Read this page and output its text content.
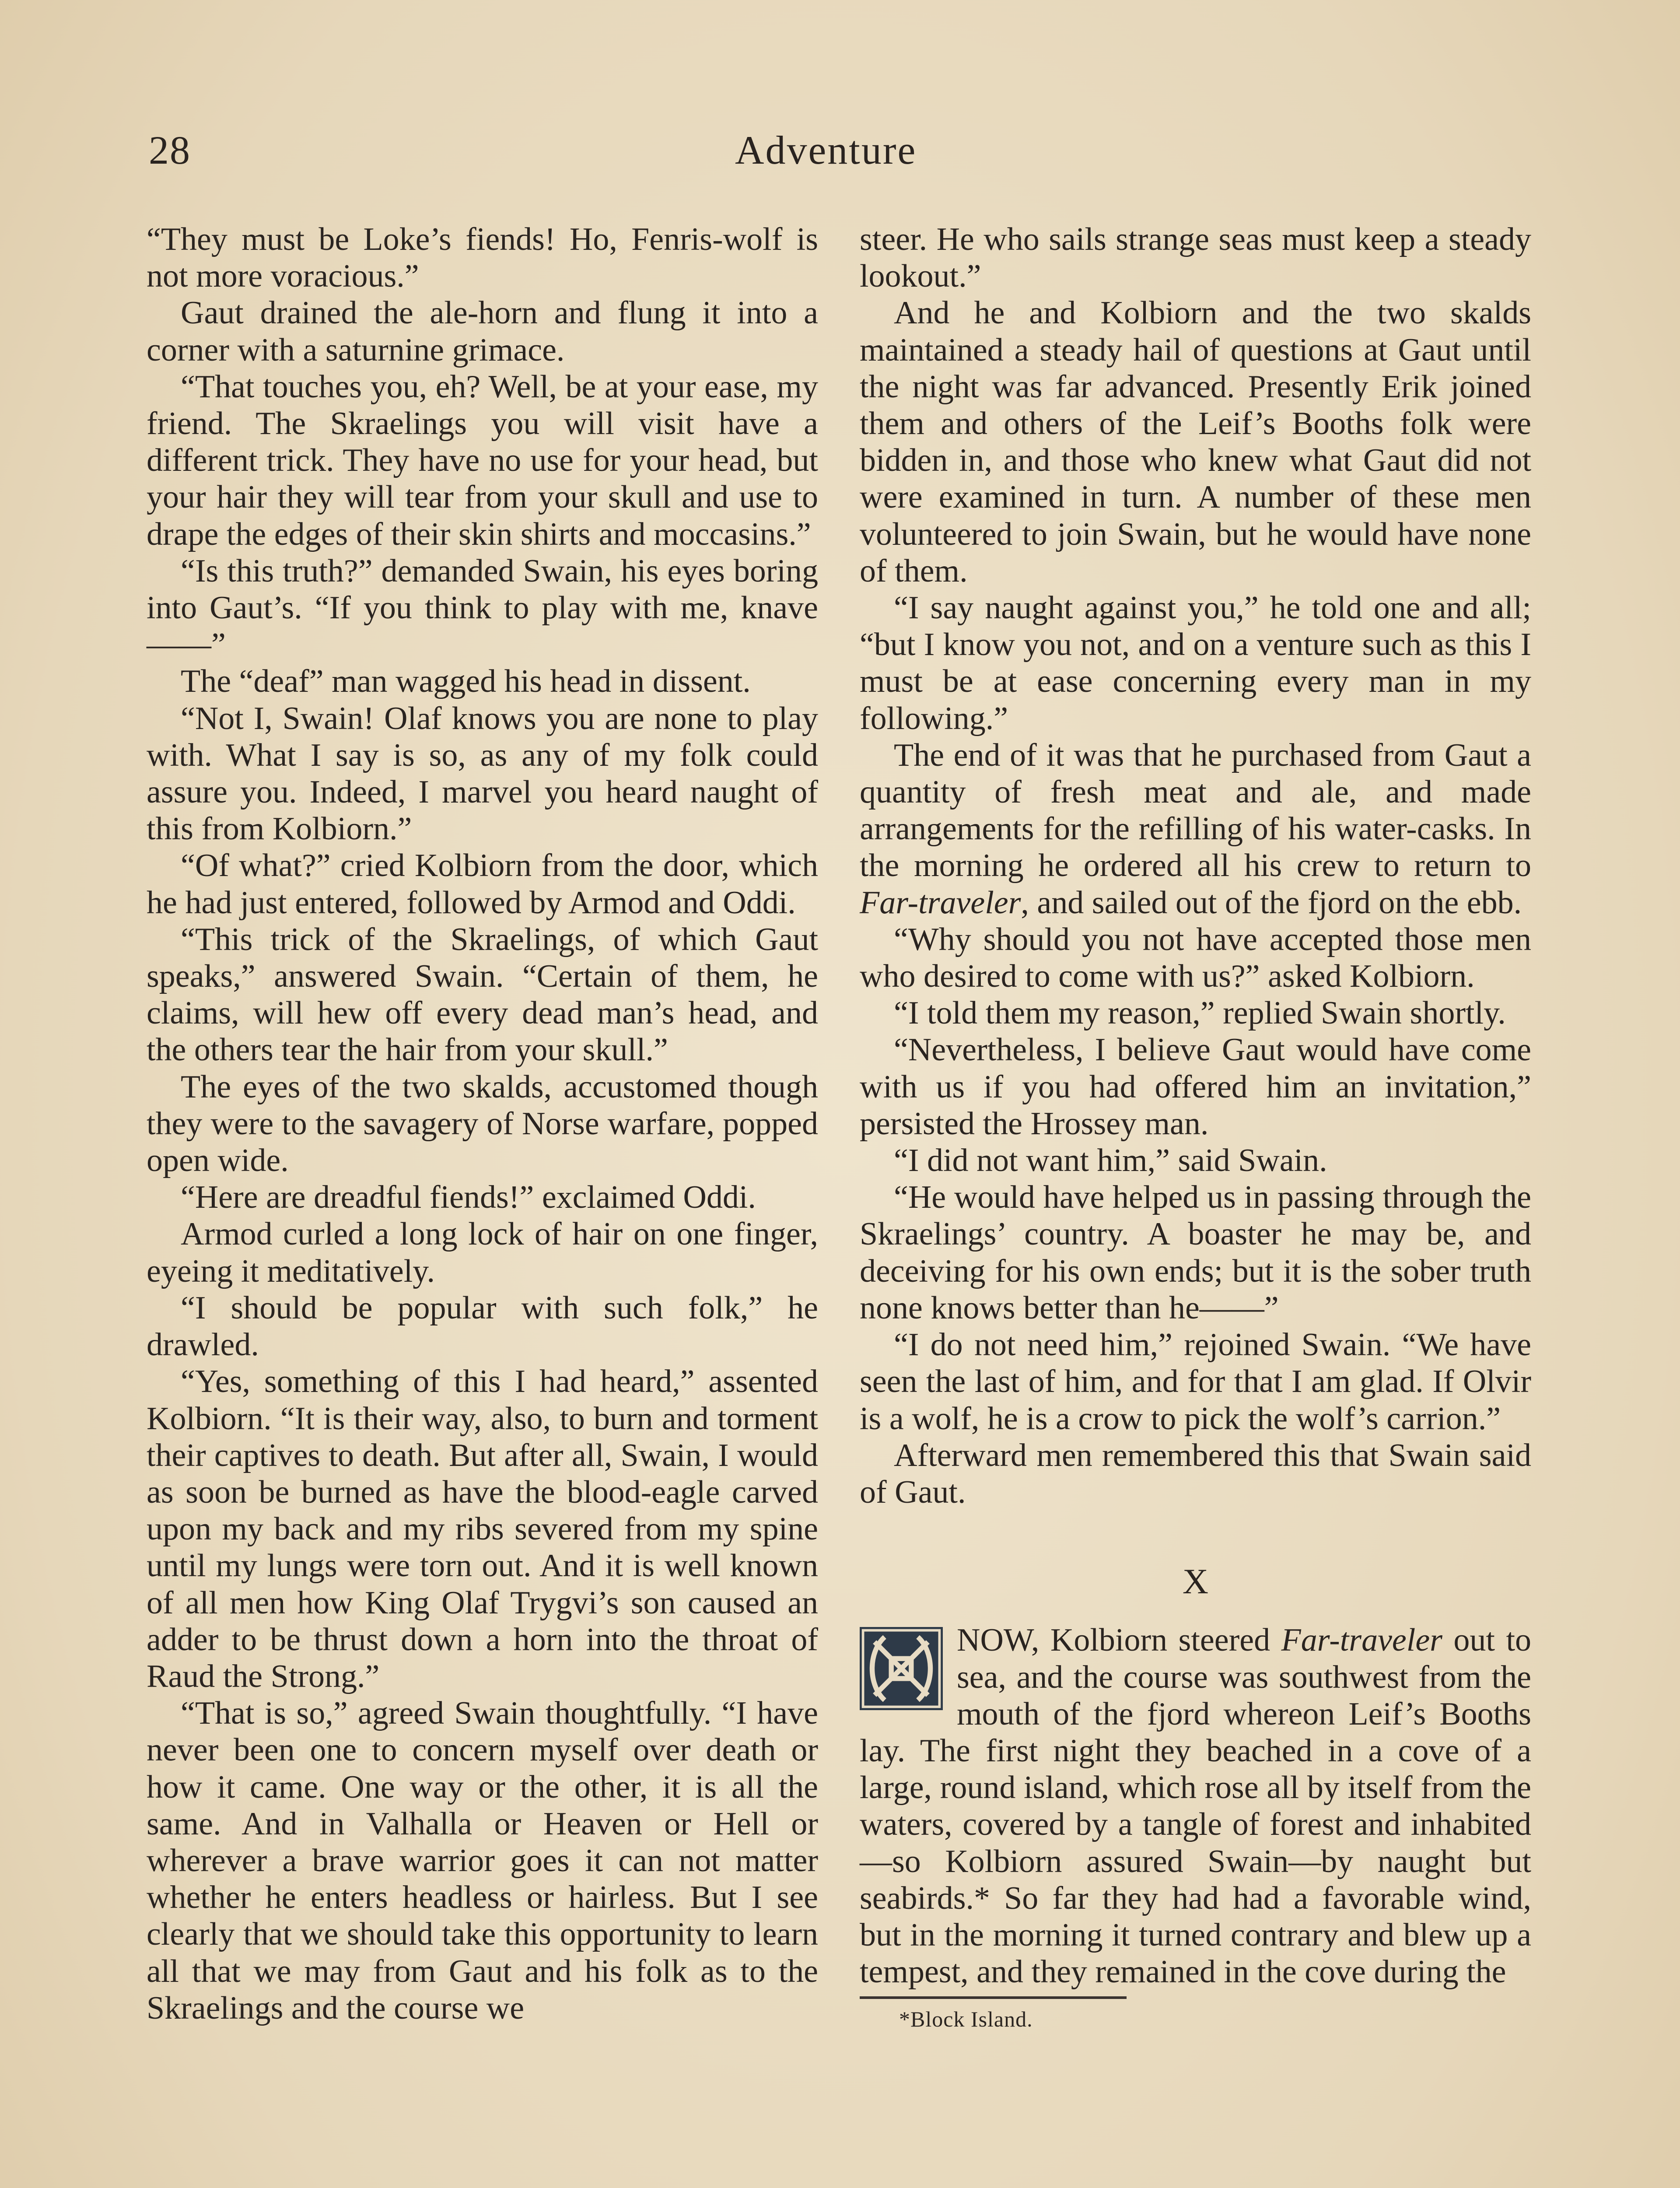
28	Adventure

“They must be Loke’s fiends! Ho, Fenris-wolf is not more voracious.”

Gaut drained the ale-horn and flung it into a corner with a saturnine grimace.

“That touches you, eh? Well, be at your ease, my friend. The Skraelings you will visit have a different trick. They have no use for your head, but your hair they will tear from your skull and use to drape the edges of their skin shirts and moccasins.”

“Is this truth?” demanded Swain, his eyes boring into Gaut’s. “If you think to play with me, knave——”

The “deaf” man wagged his head in dissent.

“Not I, Swain! Olaf knows you are none to play with. What I say is so, as any of my folk could assure you. Indeed, I marvel you heard naught of this from Kolbiorn.”

“Of what?” cried Kolbiorn from the door, which he had just entered, followed by Armod and Oddi.

“This trick of the Skraelings, of which Gaut speaks,” answered Swain. “Certain of them, he claims, will hew off every dead man’s head, and the others tear the hair from your skull.”

The eyes of the two skalds, accustomed though they were to the savagery of Norse warfare, popped open wide.

“Here are dreadful fiends!” exclaimed Oddi.

Armod curled a long lock of hair on one finger, eyeing it meditatively.

“I should be popular with such folk,” he drawled.

“Yes, something of this I had heard,” assented Kolbiorn. “It is their way, also, to burn and torment their captives to death. But after all, Swain, I would as soon be burned as have the blood-eagle carved upon my back and my ribs severed from my spine until my lungs were torn out. And it is well known of all men how King Olaf Trygvi’s son caused an adder to be thrust down a horn into the throat of Raud the Strong.”

“That is so,” agreed Swain thoughtfully. “I have never been one to concern myself over death or how it came. One way or the other, it is all the same. And in Valhalla or Heaven or Hell or wherever a brave warrior goes it can not matter whether he enters headless or hairless. But I see clearly that we should take this opportunity to learn all that we may from Gaut and his folk as to the Skraelings and the course we

steer. He who sails strange seas must keep a steady lookout.”

And he and Kolbiorn and the two skalds maintained a steady hail of questions at Gaut until the night was far advanced. Presently Erik joined them and others of the Leif’s Booths folk were bidden in, and those who knew what Gaut did not were examined in turn. A number of these men volunteered to join Swain, but he would have none of them.

“I say naught against you,” he told one and all; “but I know you not, and on a venture such as this I must be at ease concerning every man in my following.”

The end of it was that he purchased from Gaut a quantity of fresh meat and ale, and made arrangements for the refilling of his water-casks. In the morning he ordered all his crew to return to Far-traveler, and sailed out of the fjord on the ebb.

“Why should you not have accepted those men who desired to come with us?” asked Kolbiorn.

“I told them my reason,” replied Swain shortly.

“Nevertheless, I believe Gaut would have come with us if you had offered him an invitation,” persisted the Hrossey man.

“I did not want him,” said Swain.

“He would have helped us in passing through the Skraelings’ country. A boaster he may be, and deceiving for his own ends; but it is the sober truth none knows better than he——”

“I do not need him,” rejoined Swain. “We have seen the last of him, and for that I am glad. If Olvir is a wolf, he is a crow to pick the wolf’s carrion.”

Afterward men remembered this that Swain said of Gaut.

X

NOW, Kolbiorn steered Far-traveler out to sea, and the course was southwest from the mouth of the fjord whereon Leif’s Booths lay. The first night they beached in a cove of a large, round island, which rose all by itself from the waters, covered by a tangle of forest and inhabited—so Kolbiorn assured Swain—by naught but seabirds.* So far they had had a favorable wind, but in the morning it turned contrary and blew up a tempest, and they remained in the cove during the

*Block Island.
